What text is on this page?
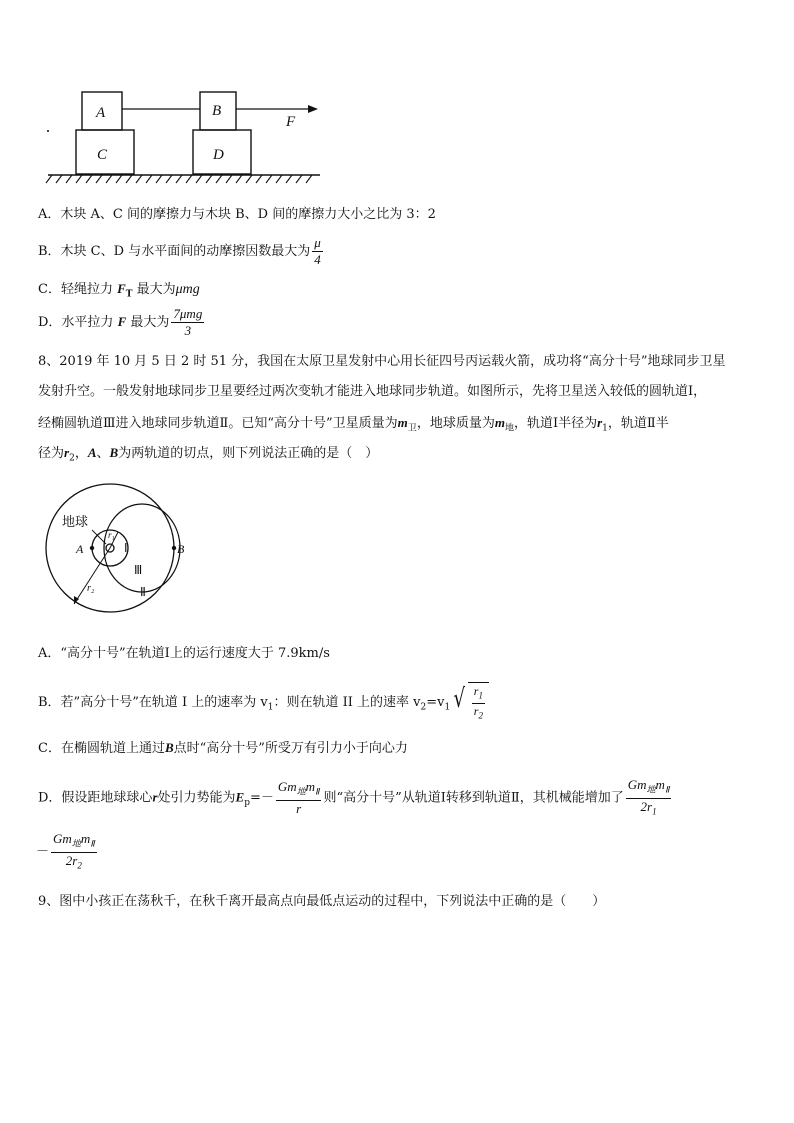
A
C
B
D
F
A．木块 A、C 间的摩擦力与木块 B、D 间的摩擦力大小之比为 3：2
B．木块 C、D 与水平面间的动摩擦因数最大为 $\frac{\mu}{4}$
C．轻绳拉力 $F_T$ 最大为μmg
D．水平拉力 F 最大为 $\frac{\text{7μmg}}{3}$
8、2019 年 10 月 5 日 2 时 51 分，我国在太原卫星发射中心用长征四号丙运载火箭，成功将“高分十号”地球同步卫星
发射升空。一般发射地球同步卫星要经过两次变轨才能进入地球同步轨道。如图所示，先将卫星送入较低的圆轨道Ⅰ，
经椭圆轨道Ⅲ进入地球同步轨道Ⅱ。已知“高分十号”卫星质量为$m_卫$，地球质量为$m_地$，轨道Ⅰ半径为$r_1$，轨道Ⅱ半
径为$r_2$，A、B为两轨道的切点，则下列说法正确的是（　）
地球
A	B
r₁
Ⅰ
Ⅲ
Ⅱ
r₂
A．“高分十号”在轨道Ⅰ上的运行速度大于 7.9km/s
B．若”高分十号”在轨道 I 上的速率为 $v_1$：则在轨道 II 上的速率 $v_2=v_1$ √ $\frac{r_1}{r_2}$
C．在椭圆轨道上通过B点时“高分十号”所受万有引力小于向心力
D．假设距地球球心r处引力势能为$E_p=- \frac{Gm_地m_Ⅱ}{r}$ 则“高分十号”从轨道Ⅰ转移到轨道Ⅱ，其机械能增加了 $\frac{Gm_地m_Ⅱ}{2r_1}$
－ $\frac{Gm_地m_Ⅱ}{2r_2}$
9、图中小孩正在荡秋千，在秋千离开最高点向最低点运动的过程中，下列说法中正确的是（　　）
